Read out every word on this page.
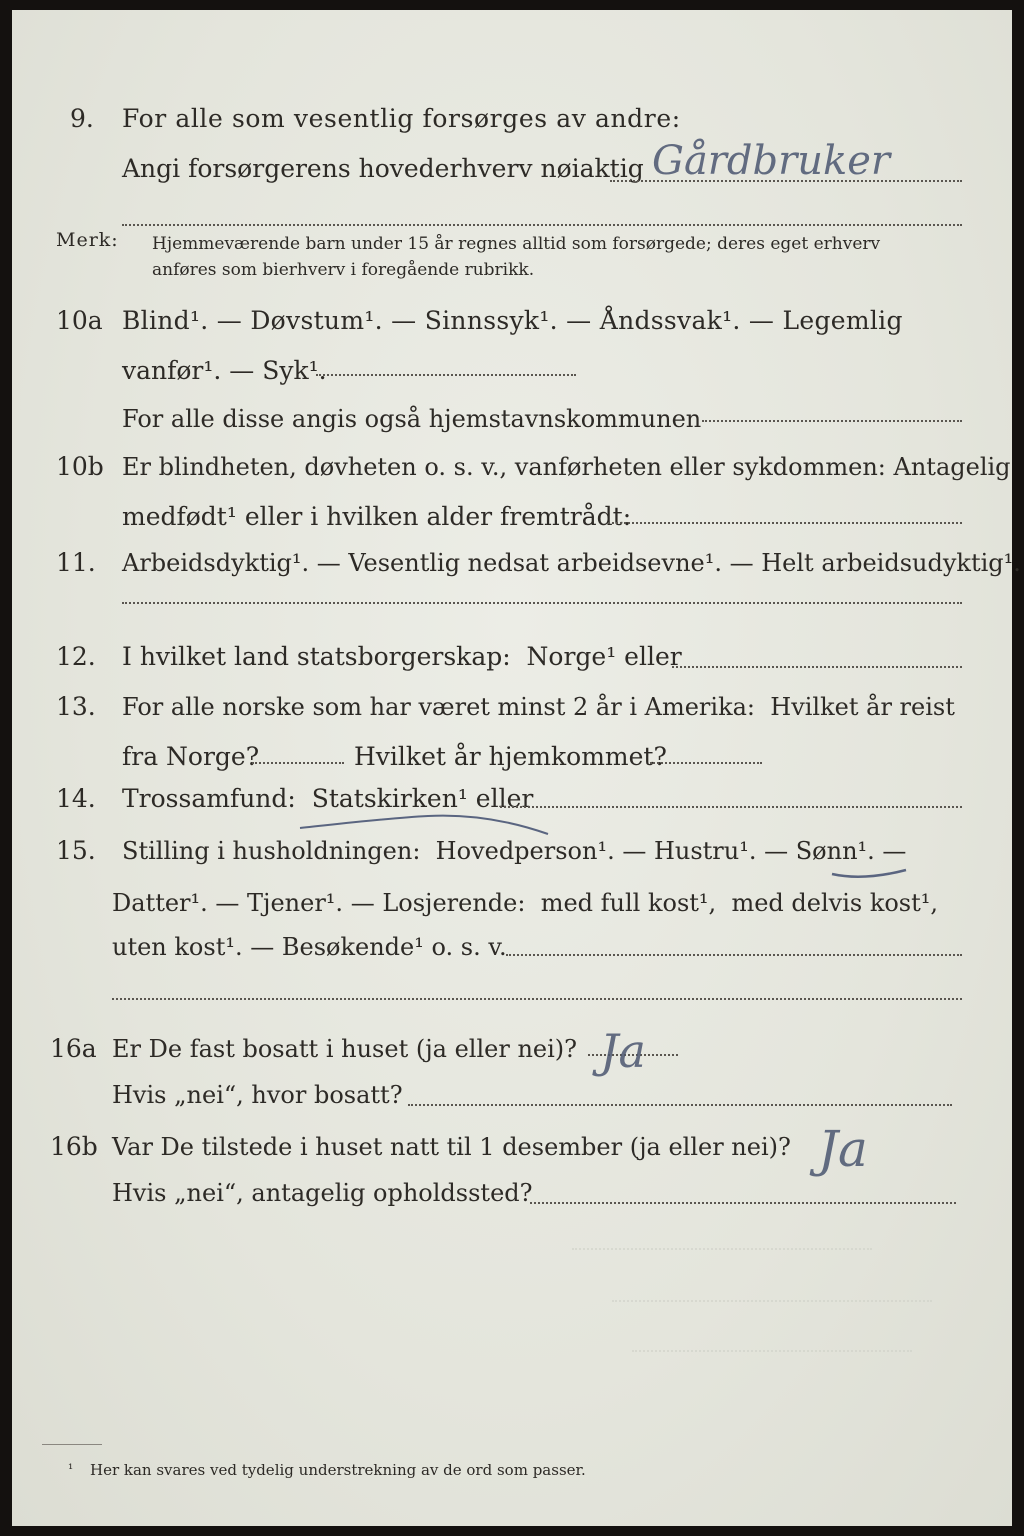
9. For alle som vesentlig forsørges av andre:
Angi forsørgerens hovederhverv nøiaktig Gårdbruker
Merk: Hjemmeværende barn under 15 år regnes alltid som forsørgede; deres eget erhverv
anføres som bierhverv i foregående rubrikk.
10a Blind¹. — Døvstum¹. — Sinnssyk¹. — Åndssvak¹. — Legemlig
vanfør¹. — Syk¹.
For alle disse angis også hjemstavnskommunen
10b Er blindheten, døvheten o. s. v., vanførheten eller sykdommen: Antagelig
medfødt¹ eller i hvilken alder fremtrådt:
11. Arbeidsdyktig¹. — Vesentlig nedsat arbeidsevne¹. — Helt arbeidsudyktig¹.
12. I hvilket land statsborgerskap:  Norge¹ eller
13. For alle norske som har været minst 2 år i Amerika:  Hvilket år reist
fra Norge?	Hvilket år hjemkommet?
14. Trossamfund:  Statskirken¹ eller
15. Stilling i husholdningen:  Hovedperson¹. — Hustru¹. — Sønn¹. —
Datter¹. — Tjener¹. — Losjerende:  med full kost¹,  med delvis kost¹,
uten kost¹. — Besøkende¹ o. s. v.
16a Er De fast bosatt i huset (ja eller nei)? Ja
Hvis „nei“, hvor bosatt?
16b Var De tilstede i huset natt til 1 desember (ja eller nei)? Ja
Hvis „nei“, antagelig opholdssted?
¹ Her kan svares ved tydelig understrekning av de ord som passer.
